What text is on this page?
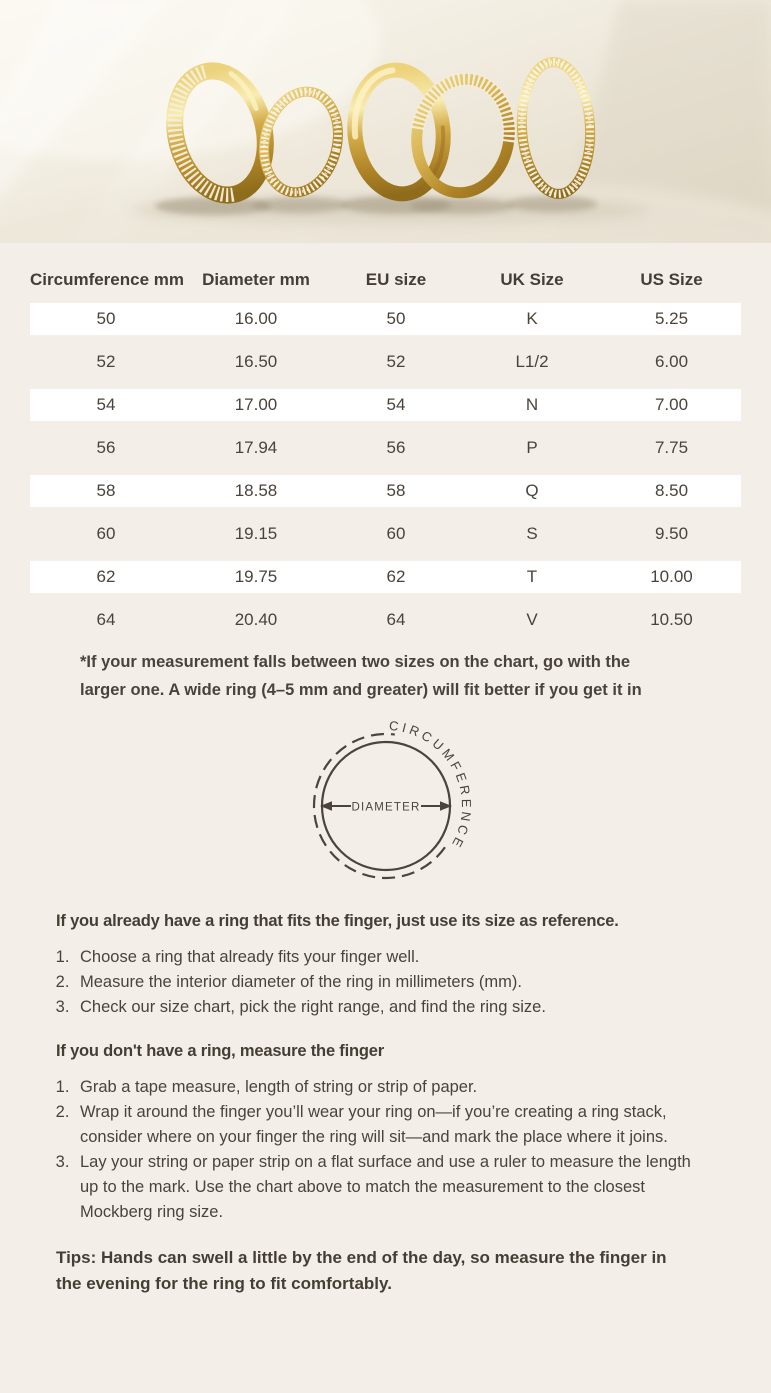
Circumference mm	Diameter mm	EU size	UK Size	US Size
50	16.00	50	K	5.25
52	16.50	52	L1/2	6.00
54	17.00	54	N	7.00
56	17.94	56	P	7.75
58	18.58	58	Q	8.50
60	19.15	60	S	9.50
62	19.75	62	T	10.00
64	20.40	64	V	10.50
*If your measurement falls between two sizes on the chart, go with the
larger one. A wide ring (4–5 mm and greater) will fit better if you get it in
CIRCUMFERENCE
DIAMETER
If you already have a ring that fits the finger, just use its size as reference.
1. Choose a ring that already fits your finger well.
2. Measure the interior diameter of the ring in millimeters (mm).
3. Check our size chart, pick the right range, and find the ring size.
If you don't have a ring, measure the finger
1. Grab a tape measure, length of string or strip of paper.
2. Wrap it around the finger you’ll wear your ring on—if you’re creating a ring stack, consider where on your finger the ring will sit—and mark the place where it joins.
3. Lay your string or paper strip on a flat surface and use a ruler to measure the length up to the mark. Use the chart above to match the measurement to the closest Mockberg ring size.
Tips: Hands can swell a little by the end of the day, so measure the finger in
the evening for the ring to fit comfortably.
